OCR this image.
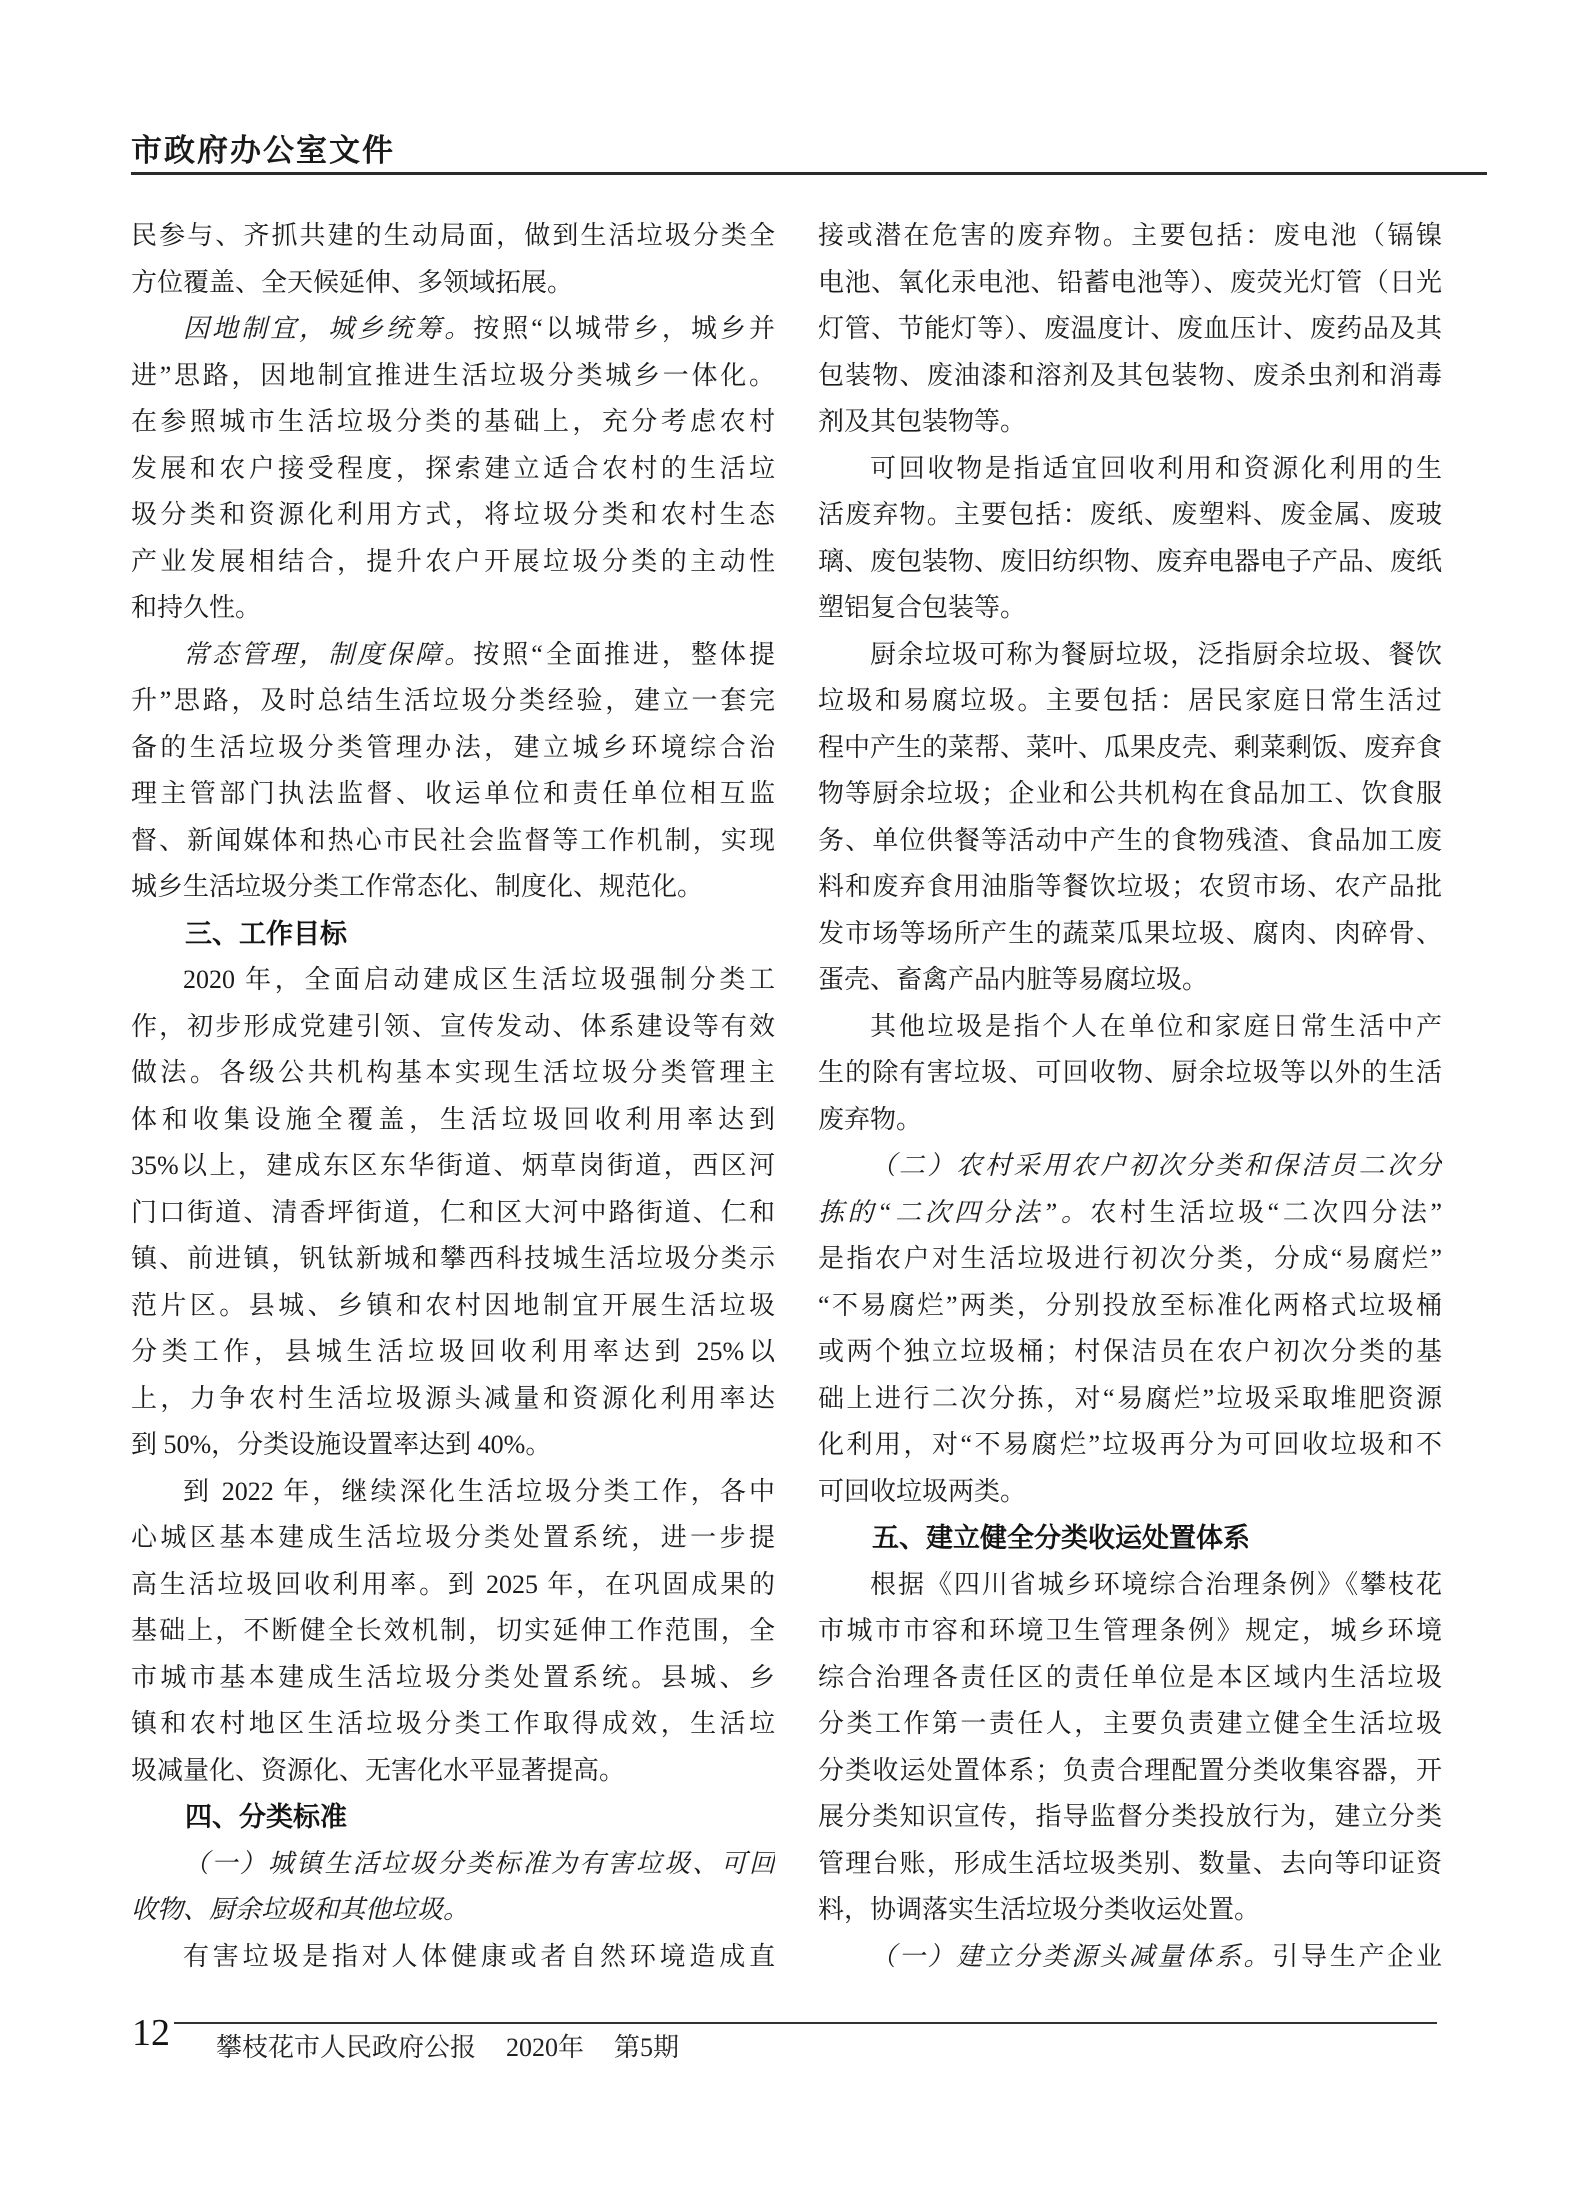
市政府办公室文件
民参与、齐抓共建的生动局面，做到生活垃圾分类全
方位覆盖、全天候延伸、多领域拓展。
因地制宜，城乡统筹。按照“以城带乡，城乡并
进”思路，因地制宜推进生活垃圾分类城乡一体化。
在参照城市生活垃圾分类的基础上，充分考虑农村
发展和农户接受程度，探索建立适合农村的生活垃
圾分类和资源化利用方式，将垃圾分类和农村生态
产业发展相结合，提升农户开展垃圾分类的主动性
和持久性。
常态管理，制度保障。按照“全面推进，整体提
升”思路，及时总结生活垃圾分类经验，建立一套完
备的生活垃圾分类管理办法，建立城乡环境综合治
理主管部门执法监督、收运单位和责任单位相互监
督、新闻媒体和热心市民社会监督等工作机制，实现
城乡生活垃圾分类工作常态化、制度化、规范化。
三、工作目标
2020 年，全面启动建成区生活垃圾强制分类工
作，初步形成党建引领、宣传发动、体系建设等有效
做法。各级公共机构基本实现生活垃圾分类管理主
体和收集设施全覆盖，生活垃圾回收利用率达到
35%以上，建成东区东华街道、炳草岗街道，西区河
门口街道、清香坪街道，仁和区大河中路街道、仁和
镇、前进镇，钒钛新城和攀西科技城生活垃圾分类示
范片区。县城、乡镇和农村因地制宜开展生活垃圾
分类工作，县城生活垃圾回收利用率达到 25%以
上，力争农村生活垃圾源头减量和资源化利用率达
到 50%，分类设施设置率达到 40%。
到 2022 年，继续深化生活垃圾分类工作，各中
心城区基本建成生活垃圾分类处置系统，进一步提
高生活垃圾回收利用率。到 2025 年，在巩固成果的
基础上，不断健全长效机制，切实延伸工作范围，全
市城市基本建成生活垃圾分类处置系统。县城、乡
镇和农村地区生活垃圾分类工作取得成效，生活垃
圾减量化、资源化、无害化水平显著提高。
四、分类标准
（一）城镇生活垃圾分类标准为有害垃圾、可回
收物、厨余垃圾和其他垃圾。
有害垃圾是指对人体健康或者自然环境造成直
接或潜在危害的废弃物。主要包括：废电池（镉镍
电池、氧化汞电池、铅蓄电池等）、废荧光灯管（日光
灯管、节能灯等）、废温度计、废血压计、废药品及其
包装物、废油漆和溶剂及其包装物、废杀虫剂和消毒
剂及其包装物等。
可回收物是指适宜回收利用和资源化利用的生
活废弃物。主要包括：废纸、废塑料、废金属、废玻
璃、废包装物、废旧纺织物、废弃电器电子产品、废纸
塑铝复合包装等。
厨余垃圾可称为餐厨垃圾，泛指厨余垃圾、餐饮
垃圾和易腐垃圾。主要包括：居民家庭日常生活过
程中产生的菜帮、菜叶、瓜果皮壳、剩菜剩饭、废弃食
物等厨余垃圾；企业和公共机构在食品加工、饮食服
务、单位供餐等活动中产生的食物残渣、食品加工废
料和废弃食用油脂等餐饮垃圾；农贸市场、农产品批
发市场等场所产生的蔬菜瓜果垃圾、腐肉、肉碎骨、
蛋壳、畜禽产品内脏等易腐垃圾。
其他垃圾是指个人在单位和家庭日常生活中产
生的除有害垃圾、可回收物、厨余垃圾等以外的生活
废弃物。
（二）农村采用农户初次分类和保洁员二次分
拣的“二次四分法”。农村生活垃圾“二次四分法”
是指农户对生活垃圾进行初次分类，分成“易腐烂”
“不易腐烂”两类，分别投放至标准化两格式垃圾桶
或两个独立垃圾桶；村保洁员在农户初次分类的基
础上进行二次分拣，对“易腐烂”垃圾采取堆肥资源
化利用，对“不易腐烂”垃圾再分为可回收垃圾和不
可回收垃圾两类。
五、建立健全分类收运处置体系
根据《四川省城乡环境综合治理条例》《攀枝花
市城市市容和环境卫生管理条例》规定，城乡环境
综合治理各责任区的责任单位是本区域内生活垃圾
分类工作第一责任人，主要负责建立健全生活垃圾
分类收运处置体系；负责合理配置分类收集容器，开
展分类知识宣传，指导监督分类投放行为，建立分类
管理台账，形成生活垃圾类别、数量、去向等印证资
料，协调落实生活垃圾分类收运处置。
（一）建立分类源头减量体系。引导生产企业
12 攀枝花市人民政府公报 2020年 第5期
